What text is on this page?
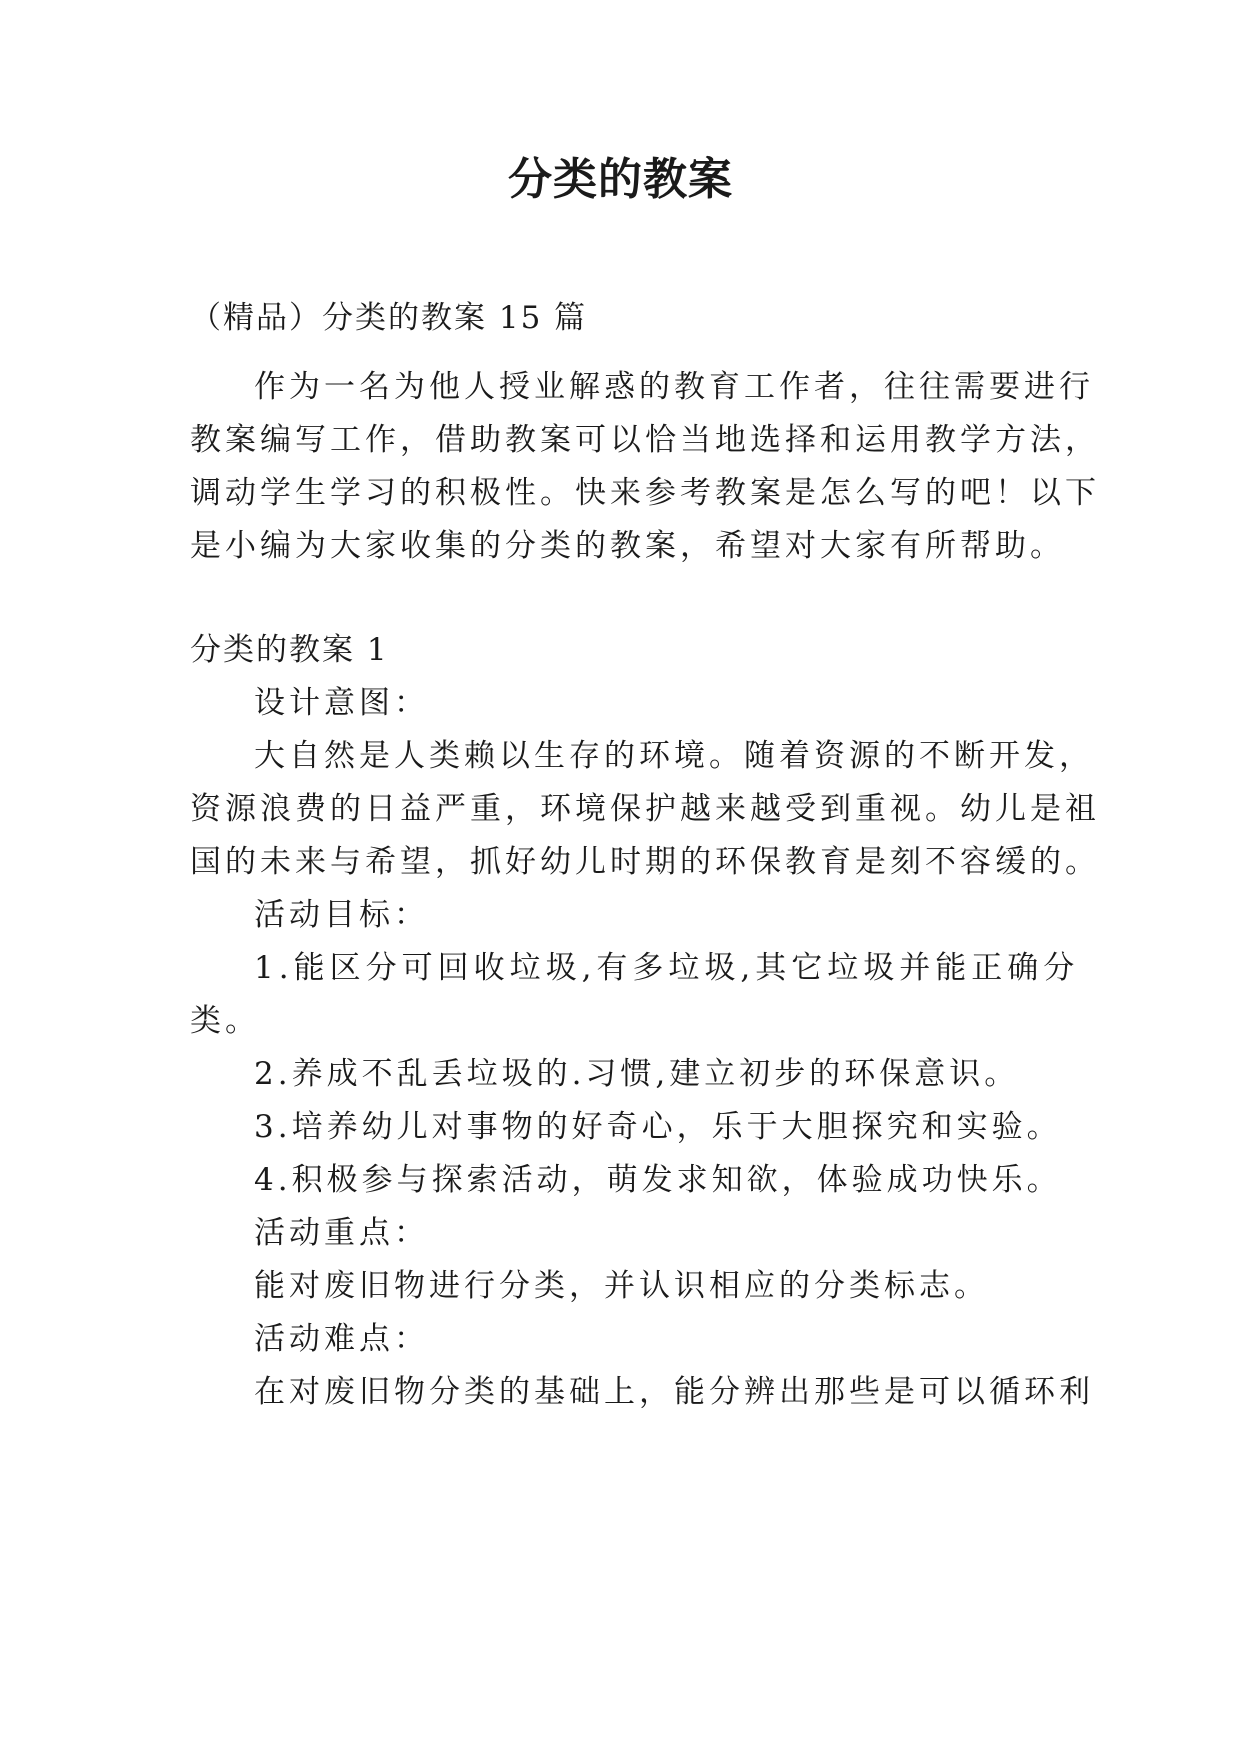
分类的教案
（精品）分类的教案 15 篇
作为一名为他人授业解惑的教育工作者，往往需要进行
教案编写工作，借助教案可以恰当地选择和运用教学方法，
调动学生学习的积极性。快来参考教案是怎么写的吧！以下
是小编为大家收集的分类的教案，希望对大家有所帮助。
分类的教案 1
设计意图：
大自然是人类赖以生存的环境。随着资源的不断开发，
资源浪费的日益严重，环境保护越来越受到重视。幼儿是祖
国的未来与希望，抓好幼儿时期的环保教育是刻不容缓的。
活动目标：
1.能区分可回收垃圾,有多垃圾,其它垃圾并能正确分
类。
2.养成不乱丢垃圾的.习惯,建立初步的环保意识。
3.培养幼儿对事物的好奇心，乐于大胆探究和实验。
4.积极参与探索活动，萌发求知欲，体验成功快乐。
活动重点：
能对废旧物进行分类，并认识相应的分类标志。
活动难点：
在对废旧物分类的基础上，能分辨出那些是可以循环利
